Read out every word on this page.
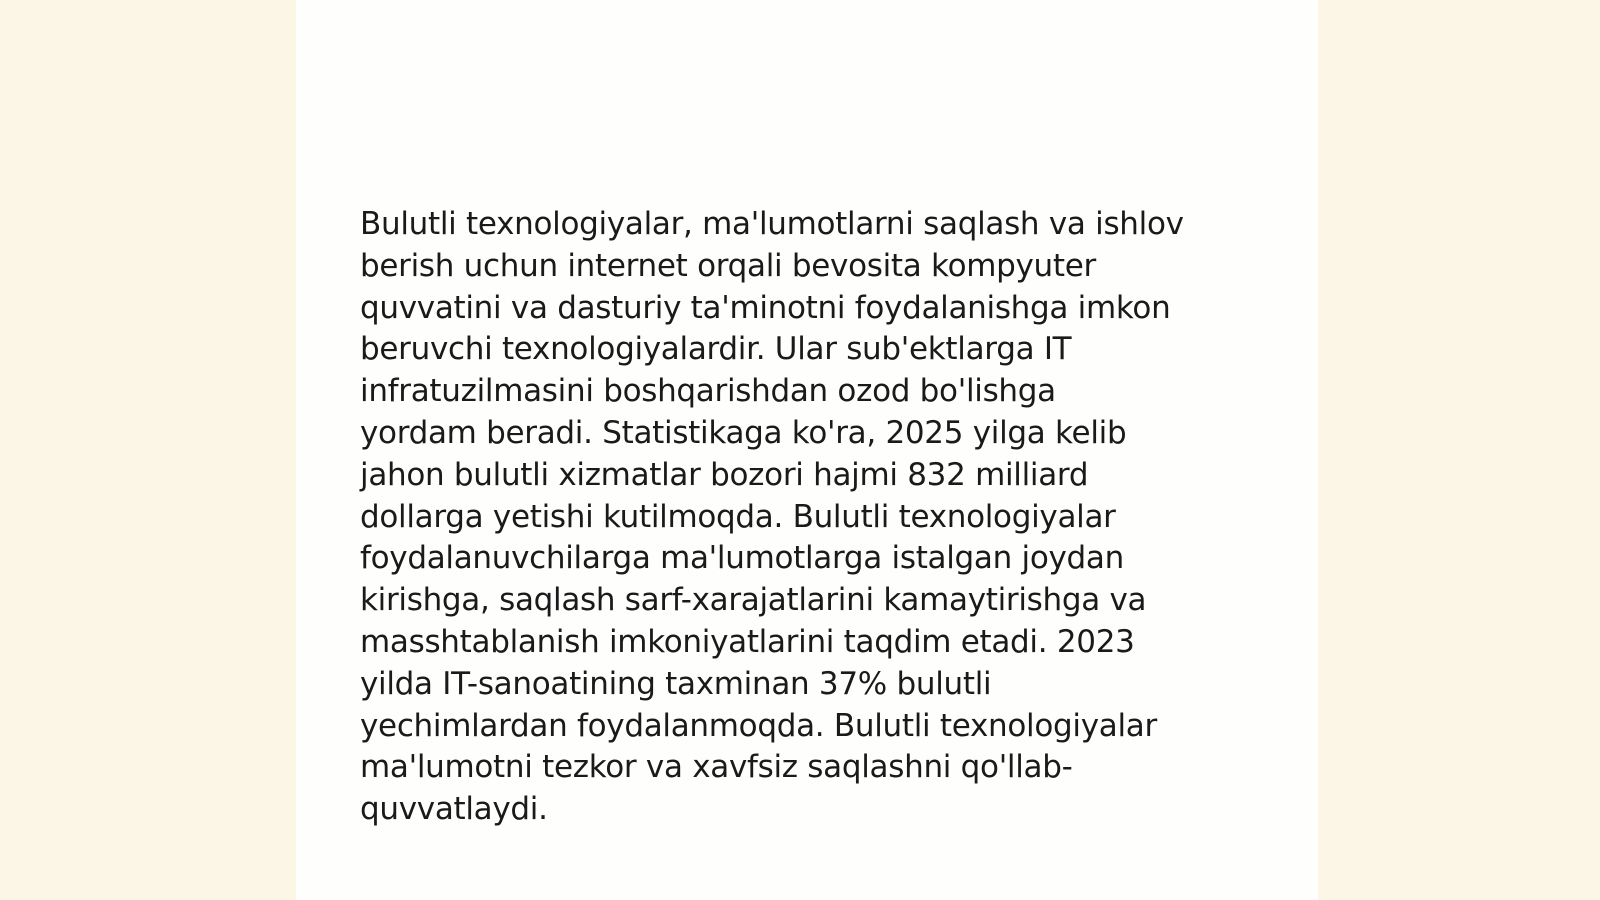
Bulutli texnologiyalar, ma'lumotlarni saqlash va ishlov
berish uchun internet orqali bevosita kompyuter
quvvatini va dasturiy ta'minotni foydalanishga imkon
beruvchi texnologiyalardir. Ular sub'ektlarga IT
infratuzilmasini boshqarishdan ozod bo'lishga
yordam beradi. Statistikaga ko'ra, 2025 yilga kelib
jahon bulutli xizmatlar bozori hajmi 832 milliard
dollarga yetishi kutilmoqda. Bulutli texnologiyalar
foydalanuvchilarga ma'lumotlarga istalgan joydan
kirishga, saqlash sarf-xarajatlarini kamaytirishga va
masshtablanish imkoniyatlarini taqdim etadi. 2023
yilda IT-sanoatining taxminan 37% bulutli
yechimlardan foydalanmoqda. Bulutli texnologiyalar
ma'lumotni tezkor va xavfsiz saqlashni qo'llab-
quvvatlaydi.
